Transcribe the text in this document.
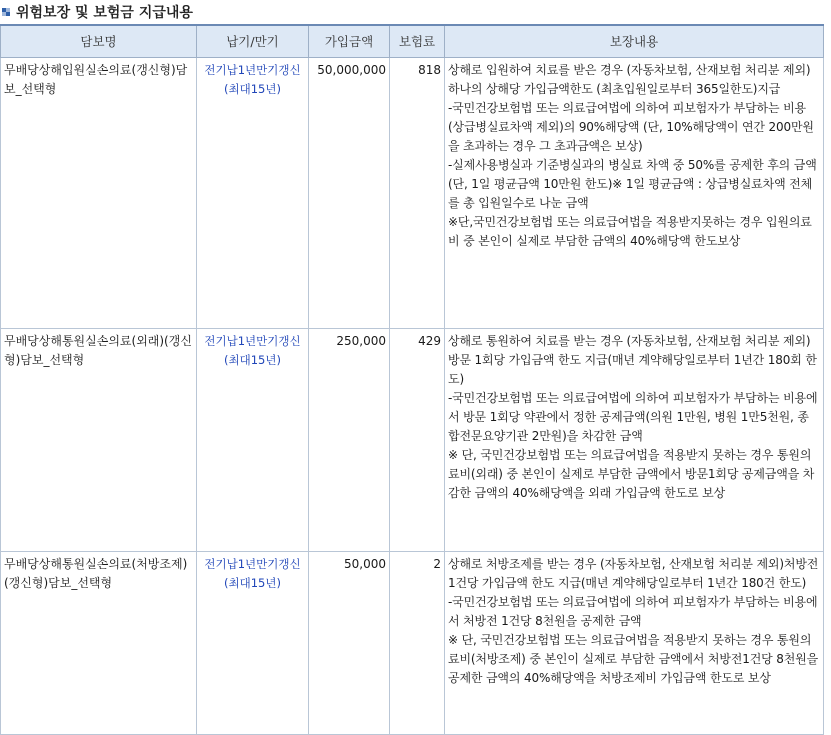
위험보장 및 보험금 지급내용
담보명	납기/만기	가입금액	보험료	보장내용
무배당상해입원실손의료(갱신형)담보_선택형	전기납1년만기갱신(최대15년)	50,000,000	818	상해로 입원하여 치료를 받은 경우 (자동차보험, 산재보험 처리분 제외)하나의 상해당 가입금액한도 (최초입원일로부터 365일한도)지급
-국민건강보험법 또는 의료급여법에 의하여 피보험자가 부담하는 비용(상급병실료차액 제외)의 90%해당액 (단, 10%해당액이 연간 200만원을 초과하는 경우 그 초과금액은 보상)
-실제사용병실과 기준병실과의 병실료 차액 중 50%를 공제한 후의 금액(단, 1일 평균금액 10만원 한도)※ 1일 평균금액 : 상급병실료차액 전체를 총 입원일수로 나눈 금액
※단,국민건강보험법 또는 의료급여법을 적용받지못하는 경우 입원의료비 중 본인이 실제로 부담한 금액의 40%해당액 한도보상

무배당상해통원실손의료(외래)(갱신형)담보_선택형	전기납1년만기갱신(최대15년)	250,000	429	상해로 통원하여 치료를 받는 경우 (자동차보험, 산재보험 처리분 제외)방문 1회당 가입금액 한도 지급(매년 계약해당일로부터 1년간 180회 한도)
-국민건강보험법 또는 의료급여법에 의하여 피보험자가 부담하는 비용에서 방문 1회당 약관에서 정한 공제금액(의원 1만원, 병원 1만5천원, 종합전문요양기관 2만원)을 차감한 금액
※ 단, 국민건강보험법 또는 의료급여법을 적용받지 못하는 경우 통원의료비(외래) 중 본인이 실제로 부담한 금액에서 방문1회당 공제금액을 차감한 금액의 40%해당액을 외래 가입금액 한도로 보상

무배당상해통원실손의료(처방조제)(갱신형)담보_선택형	전기납1년만기갱신(최대15년)	50,000	2	상해로 처방조제를 받는 경우 (자동차보험, 산재보험 처리분 제외)처방전 1건당 가입금액 한도 지급(매년 계약해당일로부터 1년간 180건 한도)
-국민건강보험법 또는 의료급여법에 의하여 피보험자가 부담하는 비용에서 처방전 1건당 8천원을 공제한 금액
※ 단, 국민건강보험법 또는 의료급여법을 적용받지 못하는 경우 통원의료비(처방조제) 중 본인이 실제로 부담한 금액에서 처방전1건당 8천원을 공제한 금액의 40%해당액을 처방조제비 가입금액 한도로 보상
